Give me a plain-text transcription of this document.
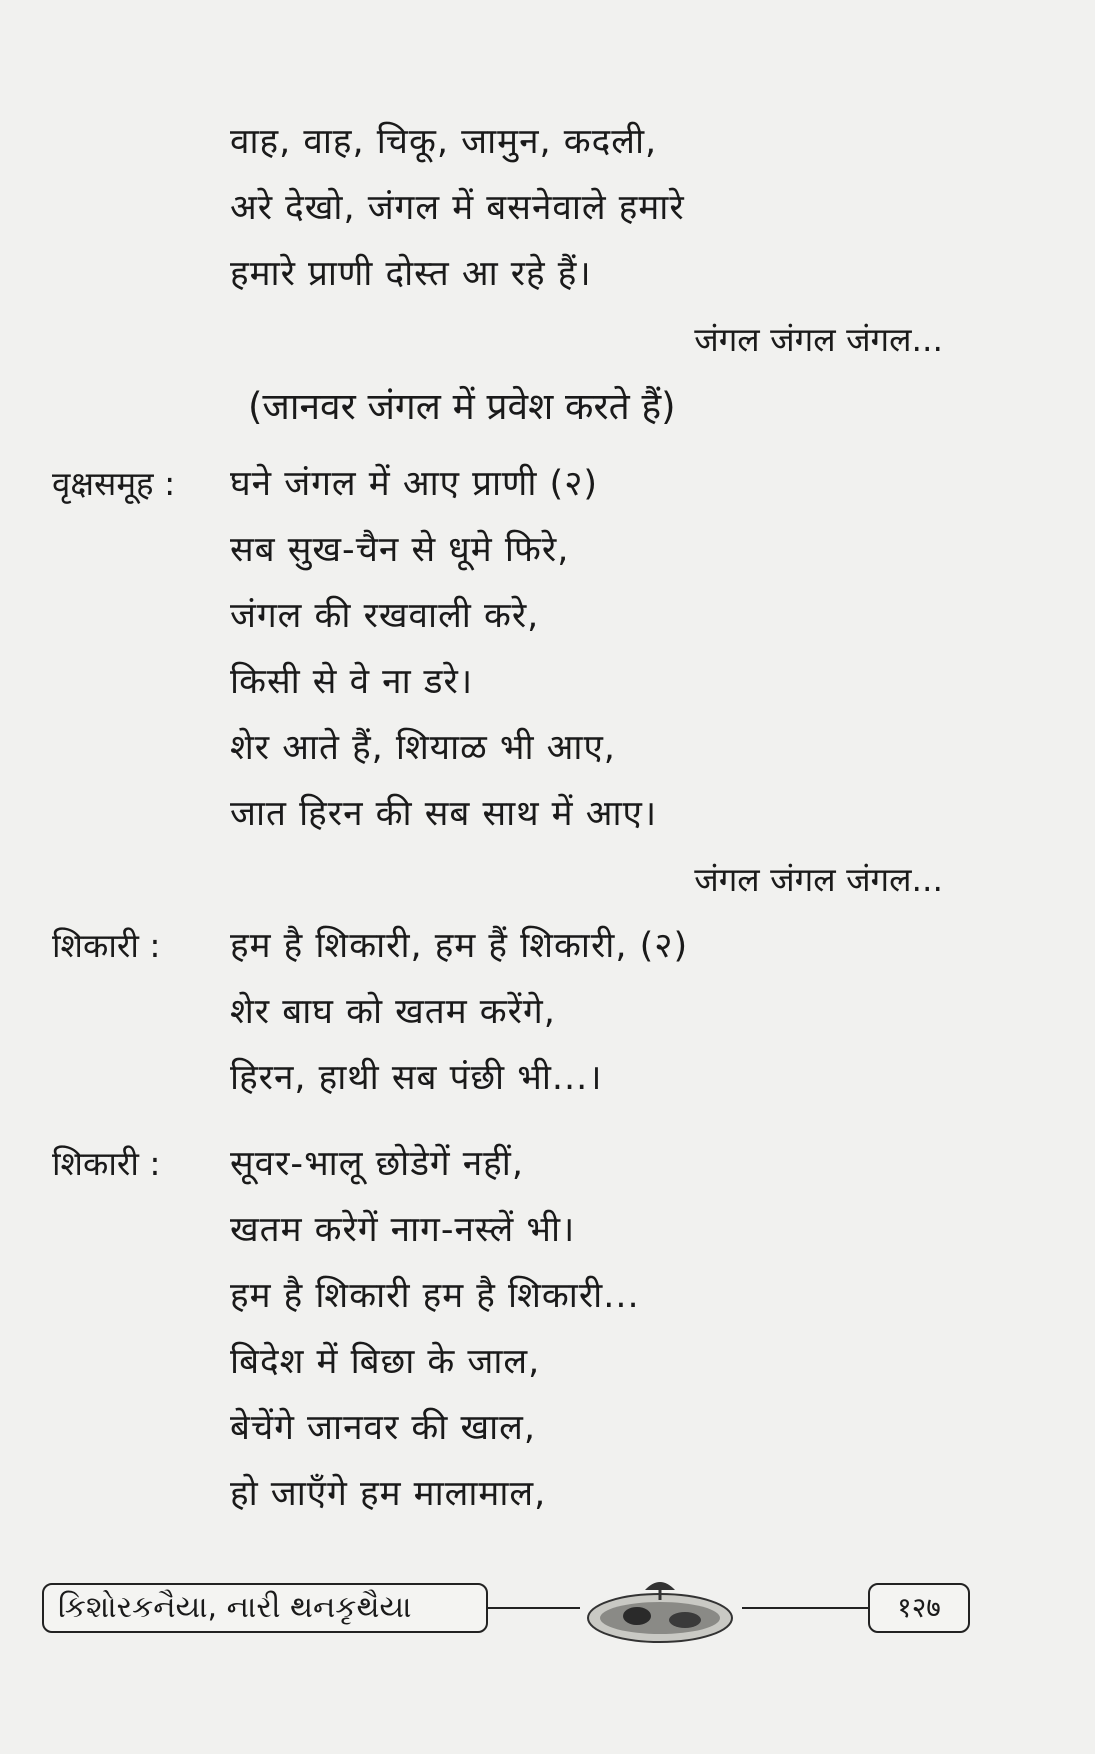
वाह, वाह, चिकू, जामुन, कदली,
अरे देखो, जंगल में बसनेवाले हमारे
हमारे प्राणी दोस्त आ रहे हैं।
जंगल जंगल जंगल...
(जानवर जंगल में प्रवेश करते हैं)
वृक्षसमूह : घने जंगल में आए प्राणी (२)
सब सुख-चैन से धूमे फिरे,
जंगल की रखवाली करे,
किसी से वे ना डरे।
शेर आते हैं, शियाळ भी आए,
जात हिरन की सब साथ में आए।
जंगल जंगल जंगल...
शिकारी : हम है शिकारी, हम हैं शिकारी, (२)
शेर बाघ को खतम करेंगे,
हिरन, हाथी सब पंछी भी...।
शिकारी : सूवर-भालू छोडेगें नहीं,
खतम करेगें नाग-नस्लें भी।
हम है शिकारी हम है शिकारी...
बिदेश में बिछा के जाल,
बेचेंगे जानवर की खाल,
हो जाएँगे हम मालामाल,
કિશોરકનૈયા, નારી થનકૃથૈયા	१२७
